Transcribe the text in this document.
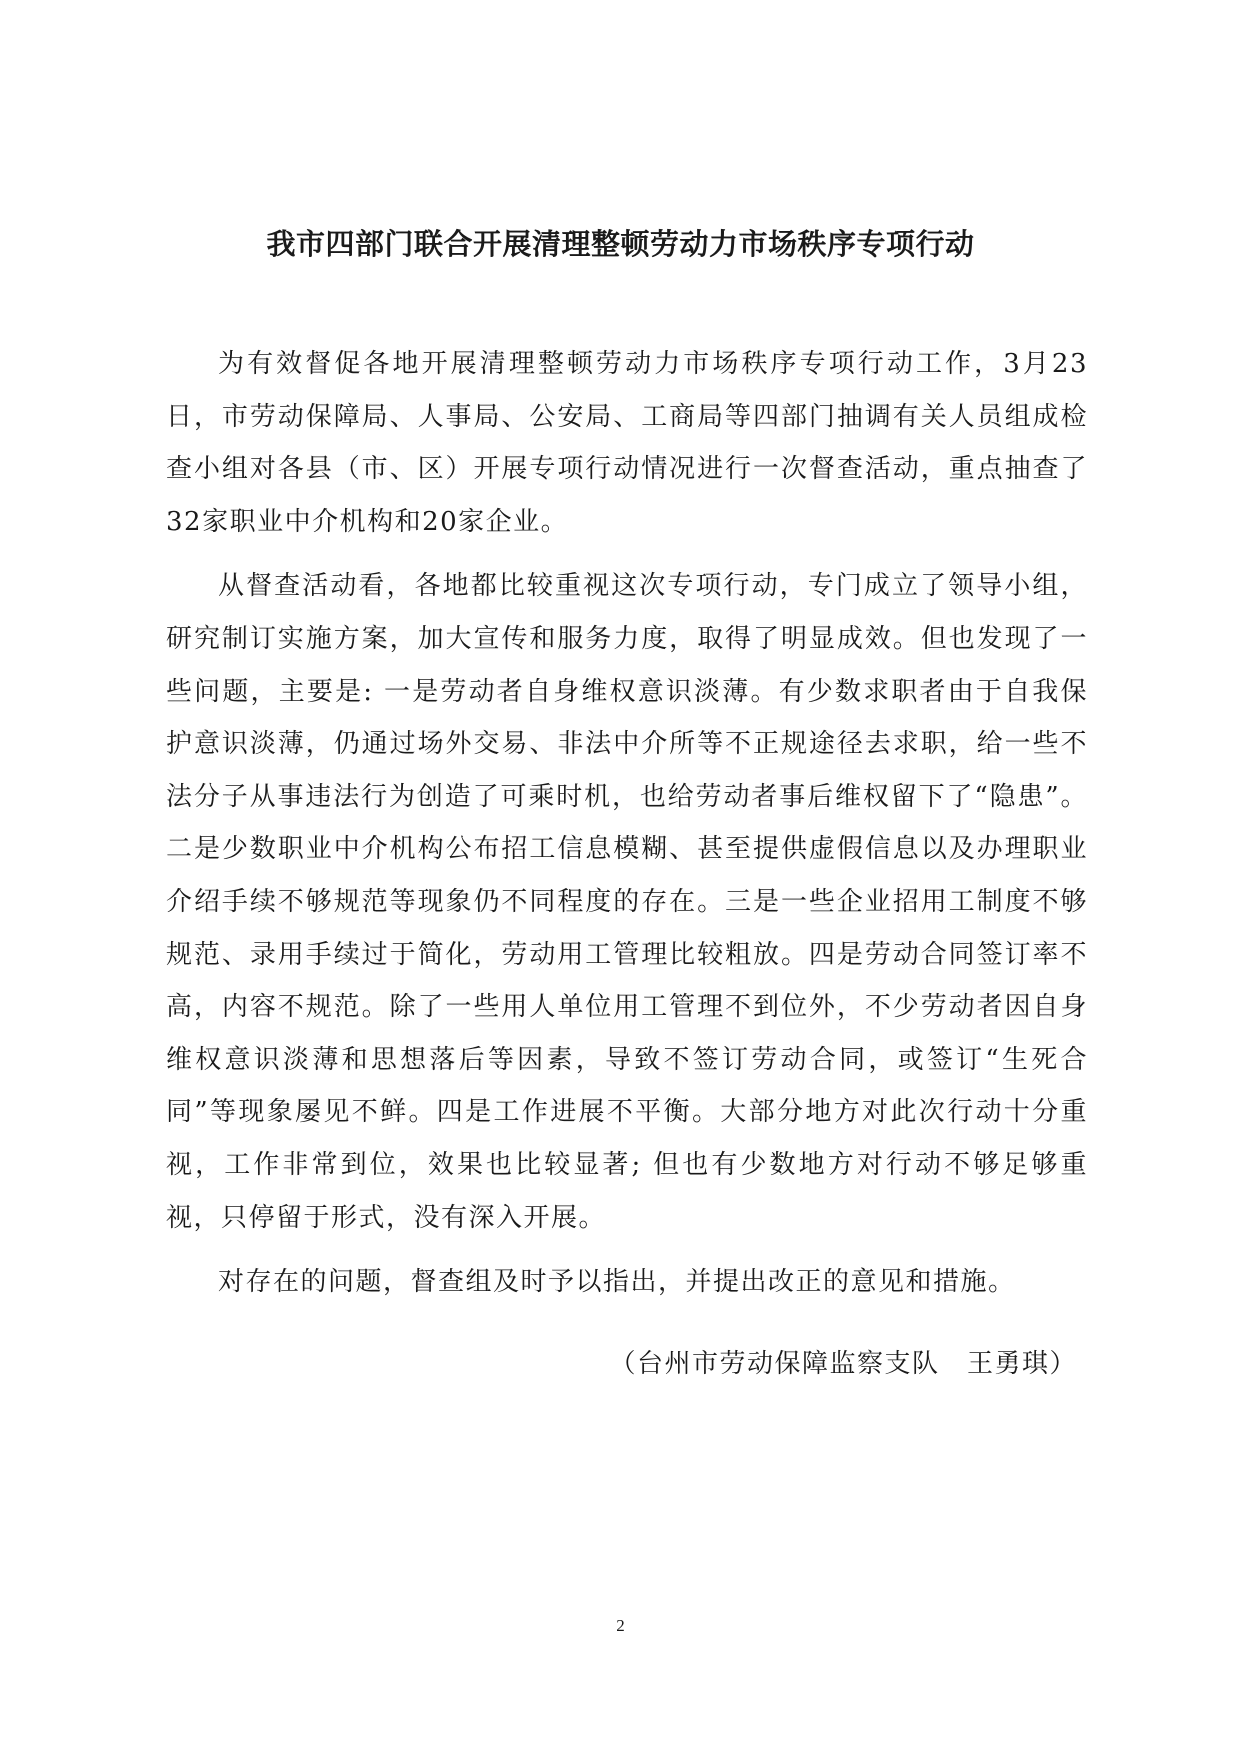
我市四部门联合开展清理整顿劳动力市场秩序专项行动

为有效督促各地开展清理整顿劳动力市场秩序专项行动工作，3月23日，市劳动保障局、人事局、公安局、工商局等四部门抽调有关人员组成检查小组对各县（市、区）开展专项行动情况进行一次督查活动，重点抽查了32家职业中介机构和20家企业。

从督查活动看，各地都比较重视这次专项行动，专门成立了领导小组，研究制订实施方案，加大宣传和服务力度，取得了明显成效。但也发现了一些问题，主要是: 一是劳动者自身维权意识淡薄。有少数求职者由于自我保护意识淡薄，仍通过场外交易、非法中介所等不正规途径去求职，给一些不法分子从事违法行为创造了可乘时机，也给劳动者事后维权留下了“隐患”。二是少数职业中介机构公布招工信息模糊、甚至提供虚假信息以及办理职业介绍手续不够规范等现象仍不同程度的存在。三是一些企业招用工制度不够规范、录用手续过于简化，劳动用工管理比较粗放。四是劳动合同签订率不高，内容不规范。除了一些用人单位用工管理不到位外，不少劳动者因自身维权意识淡薄和思想落后等因素，导致不签订劳动合同，或签订“生死合同”等现象屡见不鲜。四是工作进展不平衡。大部分地方对此次行动十分重视，工作非常到位，效果也比较显著; 但也有少数地方对行动不够足够重视，只停留于形式，没有深入开展。

对存在的问题，督查组及时予以指出，并提出改正的意见和措施。

（台州市劳动保障监察支队　王勇琪）
2
